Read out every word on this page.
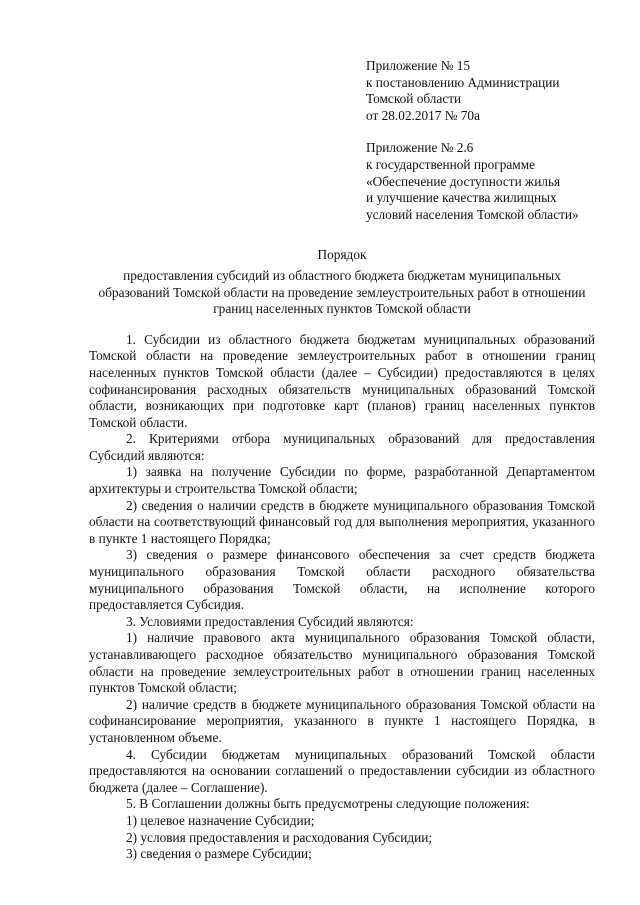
Приложение № 15
к постановлению Администрации
Томской области
от 28.02.2017 № 70а
Приложение № 2.6
к государственной программе
«Обеспечение доступности жилья
и улучшение качества жилищных
условий населения Томской области»
Порядок
предоставления субсидий из областного бюджета бюджетам муниципальных образований Томской области на проведение землеустроительных работ в отношении границ населенных пунктов Томской области

1. Субсидии из областного бюджета бюджетам муниципальных образований Томской области на проведение землеустроительных работ в отношении границ населенных пунктов Томской области (далее – Субсидии) предоставляются в целях софинансирования расходных обязательств муниципальных образований Томской области, возникающих при подготовке карт (планов) границ населенных пунктов Томской области.

2. Критериями отбора муниципальных образований для предоставления Субсидий являются:

1) заявка на получение Субсидии по форме, разработанной Департаментом архитектуры и строительства Томской области;

2) сведения о наличии средств в бюджете муниципального образования Томской области на соответствующий финансовый год для выполнения мероприятия, указанного в пункте 1 настоящего Порядка;

3) сведения о размере финансового обеспечения за счет средств бюджета муниципального образования Томской области расходного обязательства муниципального образования Томской области, на исполнение которого предоставляется Субсидия.

3. Условиями предоставления Субсидий являются:

1) наличие правового акта муниципального образования Томской области, устанавливающего расходное обязательство муниципального образования Томской области на проведение землеустроительных работ в отношении границ населенных пунктов Томской области;

2) наличие средств в бюджете муниципального образования Томской области на софинансирование мероприятия, указанного в пункте 1 настоящего Порядка, в установленном объеме.

4. Субсидии бюджетам муниципальных образований Томской области предоставляются на основании соглашений о предоставлении субсидии из областного бюджета (далее – Соглашение).

5. В Соглашении должны быть предусмотрены следующие положения:

1) целевое назначение Субсидии;

2) условия предоставления и расходования Субсидии;

3) сведения о размере Субсидии;
